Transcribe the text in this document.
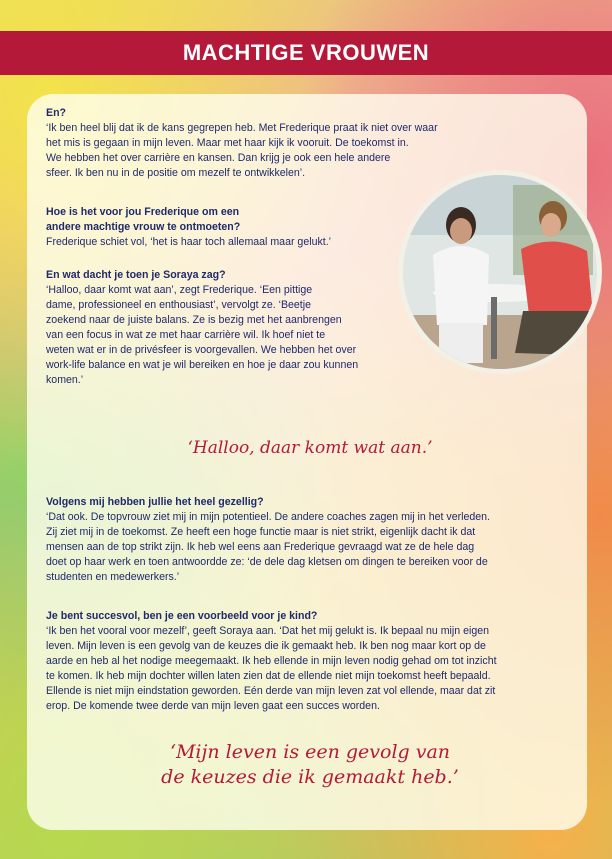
MACHTIGE VROUWEN

En?

‘Ik ben heel blij dat ik de kans gegrepen heb. Met Frederique praat ik niet over waar

het mis is gegaan in mijn leven. Maar met haar kijk ik vooruit. De toekomst in.

We hebben het over carrière en kansen. Dan krijg je ook een hele andere

sfeer. Ik ben nu in de positie om mezelf te ontwikkelen’.

Hoe is het voor jou Frederique om een

andere machtige vrouw te ontmoeten?

Frederique schiet vol, ‘het is haar toch allemaal maar gelukt.’

En wat dacht je toen je Soraya zag?

‘Halloo, daar komt wat aan’, zegt Frederique. ‘Een pittige

dame, professioneel en enthousiast’, vervolgt ze. ‘Beetje

zoekend naar de juiste balans. Ze is bezig met het aanbrengen

van een focus in wat ze met haar carrière wil. Ik hoef niet te

weten wat er in de privésfeer is voorgevallen. We hebben het over

work-life balance en wat je wil bereiken en hoe je daar zou kunnen

komen.’

‘Halloo, daar komt wat aan.’

Volgens mij hebben jullie het heel gezellig?

‘Dat ook. De topvrouw ziet mij in mijn potentieel. De andere coaches zagen mij in het verleden.

Zij ziet mij in de toekomst. Ze heeft een hoge functie maar is niet strikt, eigenlijk dacht ik dat

mensen aan de top strikt zijn. Ik heb wel eens aan Frederique gevraagd wat ze de hele dag

doet op haar werk en toen antwoordde ze: ‘de dele dag kletsen om dingen te bereiken voor de

studenten en medewerkers.’

Je bent succesvol, ben je een voorbeeld voor je kind?

‘Ik ben het vooral voor mezelf’, geeft Soraya aan. ‘Dat het mij gelukt is. Ik bepaal nu mijn eigen

leven. Mijn leven is een gevolg van de keuzes die ik gemaakt heb. Ik ben nog maar kort op de

aarde en heb al het nodige meegemaakt. Ik heb ellende in mijn leven nodig gehad om tot inzicht

te komen. Ik heb mijn dochter willen laten zien dat de ellende niet mijn toekomst heeft bepaald.

Ellende is niet mijn eindstation geworden. Eén derde van mijn leven zat vol ellende, maar dat zit

erop. De komende twee derde van mijn leven gaat een succes worden.

‘Mijn leven is een gevolg van
de keuzes die ik gemaakt heb.’
